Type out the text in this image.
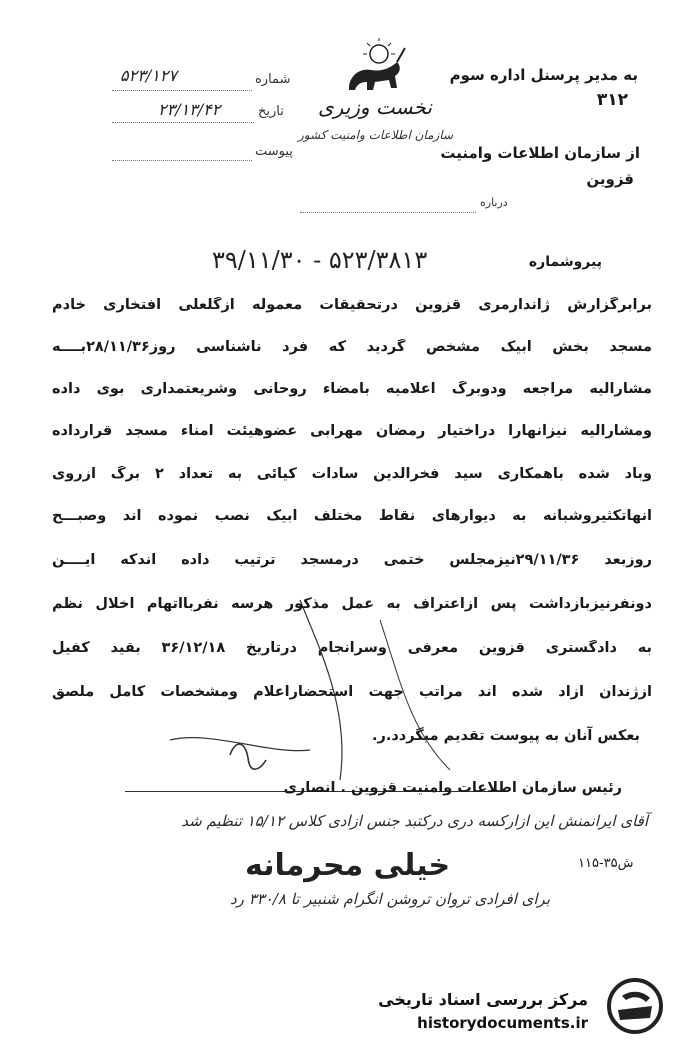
شماره
۵۲۳/۱۲۷
تاریخ
۲۳/۱۳/۴۲
پیوست
نخست وزیری
سازمان اطلاعات وامنیت کشور
به مدیر پرسنل اداره سوم
۳۱۲
از سازمان اطلاعات وامنیت
قزوین
درباره
پیروشماره
۳۹/۱۱/۳۰ - ۵۲۳/۳۸۱۳
برابرگزارش ژاندارمری قزوین درتحقیقات معموله ازگلعلی افتخاری خادم
مسجد بخش آبیک مشخص گردید که فرد ناشناسی روز۲۸/۱۱/۳۶بــــه
مشارالیه مراجعه ودوبرگ اعلامیه بامضاء روحانی وشریعتمداری بوی داده
ومشارالیه نیزآنهارا دراختیار رمضان مهرابی عضوهیئت امناء مسجد قرارداده
وباد شده باهمکاری سید فخرالدین سادات کیائی به تعداد ۲ برگ ازروی
آنهاتکثیروشبانه به دیوارهای نقاط مختلف آبیک نصب نموده اند وصبـــح
روزبعد ۲۹/۱۱/۳۶نیزمجلس ختمی درمسجد ترتیب داده اندکه ایــــن
دونفرنیزبازداشت پس ازاعتراف به عمل مذکور هرسه نفربااتهام اخلال نظم
به دادگستری قزوین معرفی وسرانجام درتاریخ ۳۶/۱۲/۱۸ بقید کفیل
ازژندان آزاد شده اند مراتب جهت استحضاراعلام ومشخصات کامل ملصق
بعکس آنان به پیوست تقدیم میگردد.ر.
رئیس سازمان اطلاعات وامنیت قزوین . انصاری
آقای ایرانمنش این ازارکسه دری درکتبد جنس ازادی کلاس ۱۵/۱۲ تنظیم شد
خیلی محرمانه	۱۱۵-۳۵ش
برای افرادی تروان تروشن انگرام شنبیر تا ۳۳۰/۸ رد
مرکز بررسی اسناد تاریخی
historydocuments.ir
